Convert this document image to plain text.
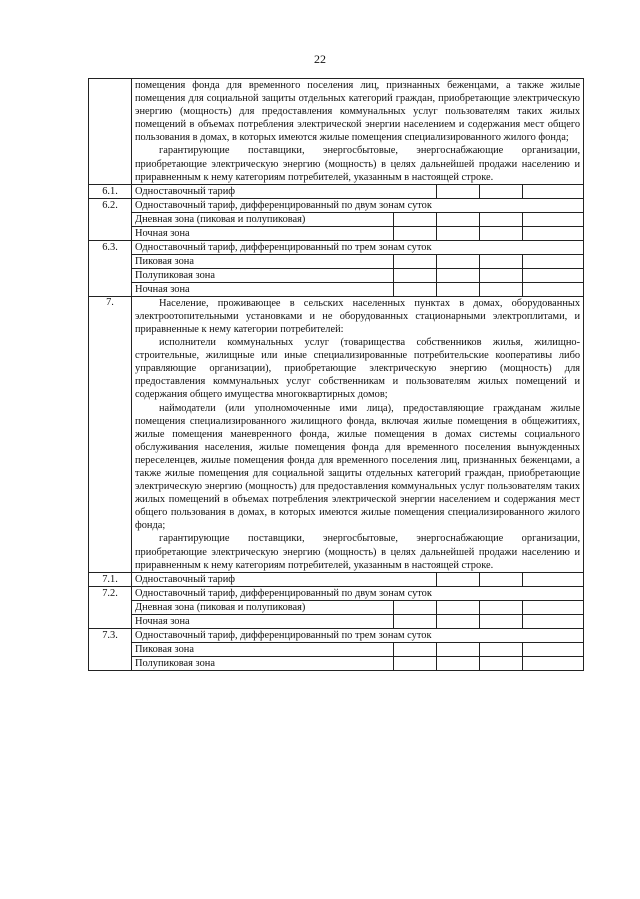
22

	помещения фонда для временного поселения лиц, признанных беженцами, а также жилые помещения для социальной защиты отдельных категорий граждан, приобретающие электрическую энергию (мощность) для предоставления коммунальных услуг пользователям таких жилых помещений в объемах потребления электрической энергии населением и содержания мест общего пользования в домах, в которых имеются жилые помещения специализированного жилого фонда;

гарантирующие поставщики, энергосбытовые, энергоснабжающие организации, приобретающие электрическую энергию (мощность) в целях дальнейшей продажи населению и приравненным к нему категориям потребителей, указанным в настоящей строке.				

6.1.	Одноставочный тариф				
6.2.	Одноставочный тариф, дифференцированный по двум зонам суток				
	Дневная зона (пиковая и полупиковая)				
	Ночная зона				
6.3.	Одноставочный тариф, дифференцированный по трем зонам суток				
	Пиковая зона				
	Полупиковая зона				
	Ночная зона				
7.	Население, проживающее в сельских населенных пунктах в домах, оборудованных электроотопительными установками и не оборудованных стационарными электроплитами, и приравненные к нему категории потребителей:

исполнители коммунальных услуг (товарищества собственников жилья, жилищно-строительные, жилищные или иные специализированные потребительские кооперативы либо управляющие организации), приобретающие электрическую энергию (мощность) для предоставления коммунальных услуг собственникам и пользователям жилых помещений и содержания общего имущества многоквартирных домов;

наймодатели (или уполномоченные ими лица), предоставляющие гражданам жилые помещения специализированного жилищного фонда, включая жилые помещения в общежитиях, жилые помещения маневренного фонда, жилые помещения в домах системы социального обслуживания населения, жилые помещения фонда для временного поселения вынужденных переселенцев, жилые помещения фонда для временного поселения лиц, признанных беженцами, а также жилые помещения для социальной защиты отдельных категорий граждан, приобретающие электрическую энергию (мощность) для предоставления коммунальных услуг пользователям таких жилых помещений в объемах потребления электрической энергии населением и содержания мест общего пользования в домах, в которых имеются жилые помещения специализированного жилого фонда;

гарантирующие поставщики, энергосбытовые, энергоснабжающие организации, приобретающие электрическую энергию (мощность) в целях дальнейшей продажи населению и приравненным к нему категориям потребителей, указанным в настоящей строке.				

7.1.	Одноставочный тариф				
7.2.	Одноставочный тариф, дифференцированный по двум зонам суток				
	Дневная зона (пиковая и полупиковая)				
	Ночная зона				
7.3.	Одноставочный тариф, дифференцированный по трем зонам суток				
	Пиковая зона				
	Полупиковая зона				
